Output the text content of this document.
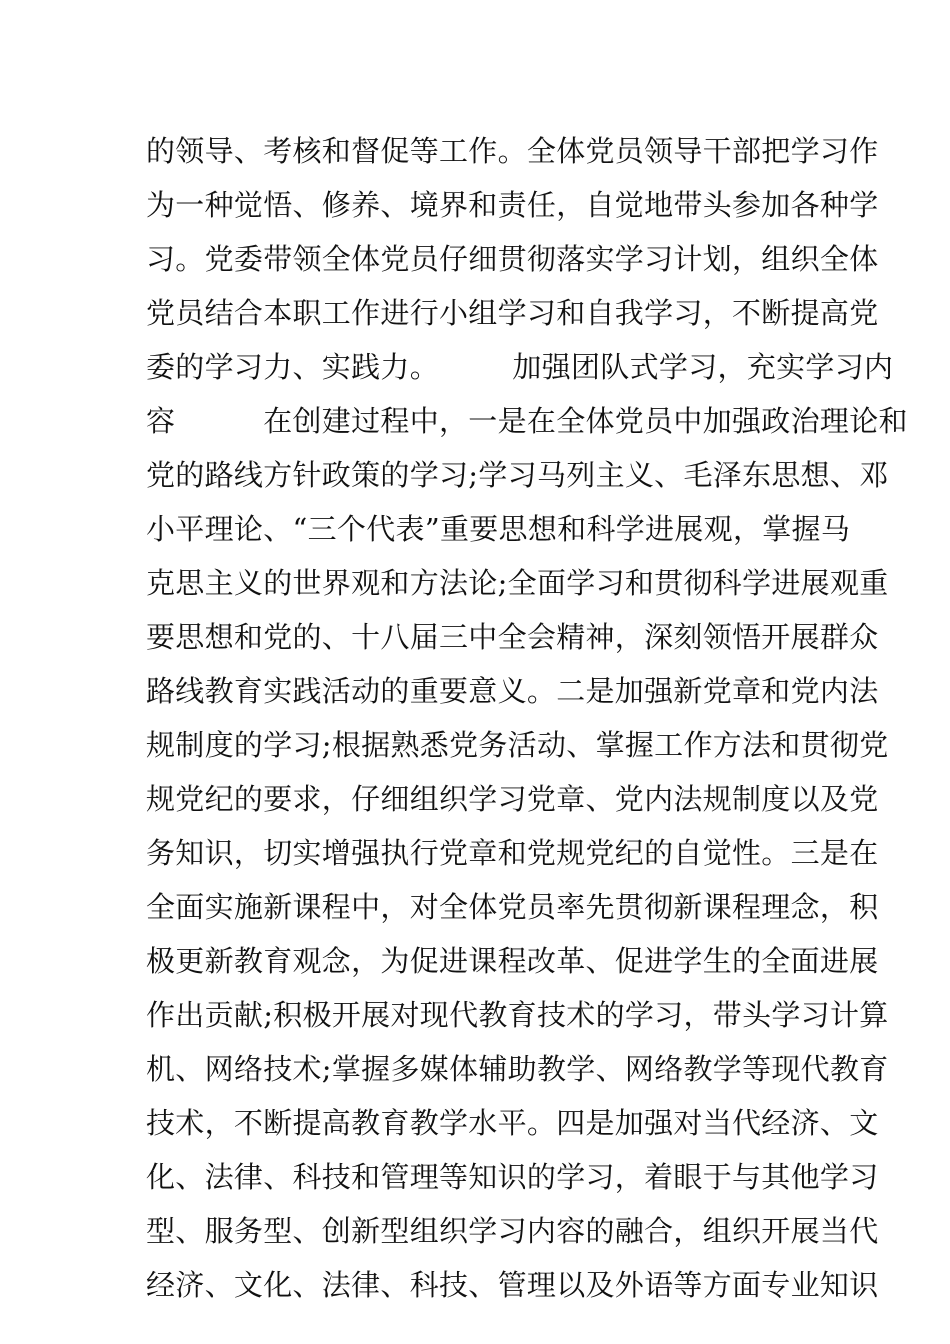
的领导、考核和督促等工作。全体党员领导干部把学习作
为一种觉悟、修养、境界和责任，自觉地带头参加各种学
习。党委带领全体党员仔细贯彻落实学习计划，组织全体
党员结合本职工作进行小组学习和自我学习，不断提高党
委的学习力、实践力。　　　加强团队式学习，充实学习内
容　　　在创建过程中，一是在全体党员中加强政治理论和
党的路线方针政策的学习;学习马列主义、毛泽东思想、邓
小平理论、“三个代表”重要思想和科学进展观，掌握马
克思主义的世界观和方法论;全面学习和贯彻科学进展观重
要思想和党的、十八届三中全会精神，深刻领悟开展群众
路线教育实践活动的重要意义。二是加强新党章和党内法
规制度的学习;根据熟悉党务活动、掌握工作方法和贯彻党
规党纪的要求，仔细组织学习党章、党内法规制度以及党
务知识，切实增强执行党章和党规党纪的自觉性。三是在
全面实施新课程中，对全体党员率先贯彻新课程理念，积
极更新教育观念，为促进课程改革、促进学生的全面进展
作出贡献;积极开展对现代教育技术的学习，带头学习计算
机、网络技术;掌握多媒体辅助教学、网络教学等现代教育
技术，不断提高教育教学水平。四是加强对当代经济、文
化、法律、科技和管理等知识的学习，着眼于与其他学习
型、服务型、创新型组织学习内容的融合，组织开展当代
经济、文化、法律、科技、管理以及外语等方面专业知识
